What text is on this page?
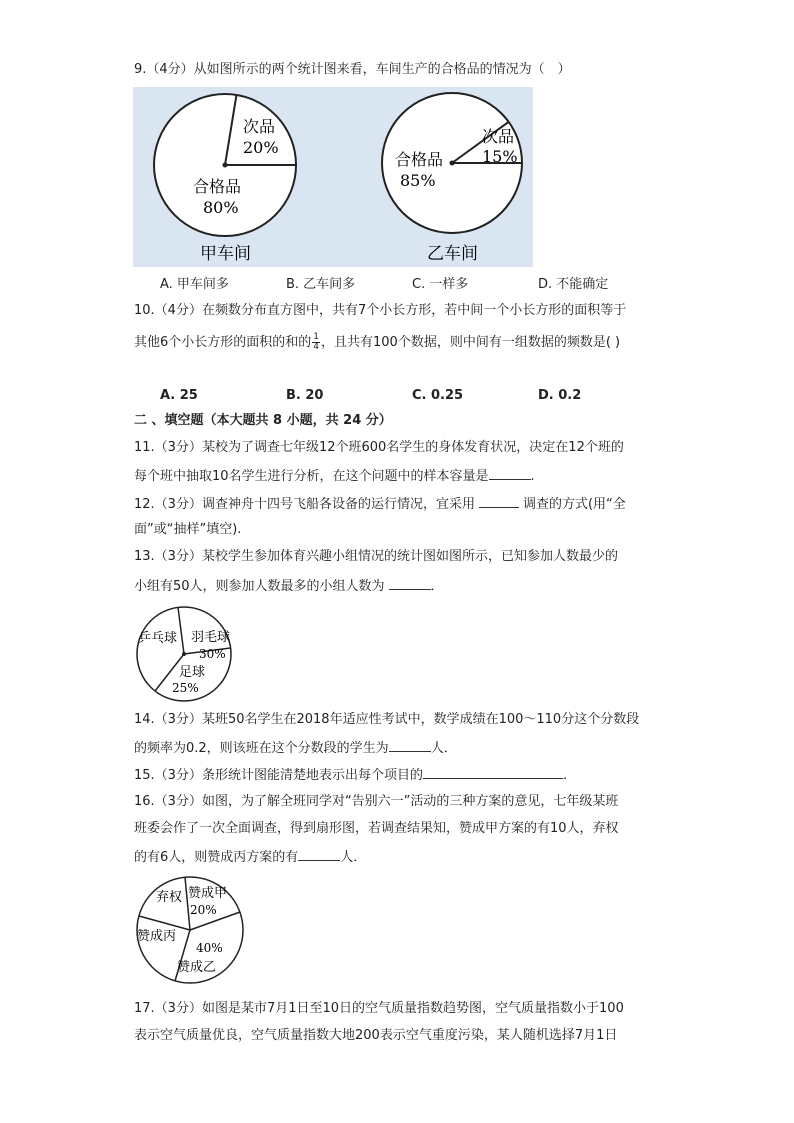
9.（4分）从如图所示的两个统计图来看，车间生产的合格品的情况为（　）
次品
20%
合格品
80%
甲车间
次品
15%
合格品
85%
乙车间
A. 甲车间多	B. 乙车间多	C. 一样多	D. 不能确定
10.（4分）在频数分布直方图中，共有7个小长方形，若中间一个小长方形的面积等于
其他6个小长方形的面积的和的 $\frac{1}{4}$ ，且共有100个数据，则中间有一组数据的频数是( )
A. 25	B. 20	C. 0.25	D. 0.2
二 、填空题（本大题共 8 小题，共 24 分）
11.（3分）某校为了调查七年级12个班600名学生的身体发育状况，决定在12个班的
每个班中抽取10名学生进行分析，在这个问题中的样本容量是	.
12.（3分）调查神舟十四号飞船各设备的运行情况，宜采用	调查的方式(用“全
面”或“抽样”填空).
13.（3分）某校学生参加体育兴趣小组情况的统计图如图所示，已知参加人数最少的
小组有50人，则参加人数最多的小组人数为	．
乒乓球 羽毛球
30%
足球
25%
14.（3分）某班50名学生在2018年适应性考试中，数学成绩在100～110分这个分数段
的频率为0.2，则该班在这个分数段的学生为	人．
15.（3分）条形统计图能清楚地表示出每个项目的	.
16.（3分）如图，为了解全班同学对“告别六一”活动的三种方案的意见，七年级某班
班委会作了一次全面调查，得到扇形图，若调查结果知，赞成甲方案的有10人，弃权
的有6人，则赞成丙方案的有	人．
弃权 赞成甲
20%
赞成丙
40%
赞成乙
17.（3分）如图是某市7月1日至10日的空气质量指数趋势图，空气质量指数小于100
表示空气质量优良，空气质量指数大地200表示空气重度污染，某人随机选择7月1日
